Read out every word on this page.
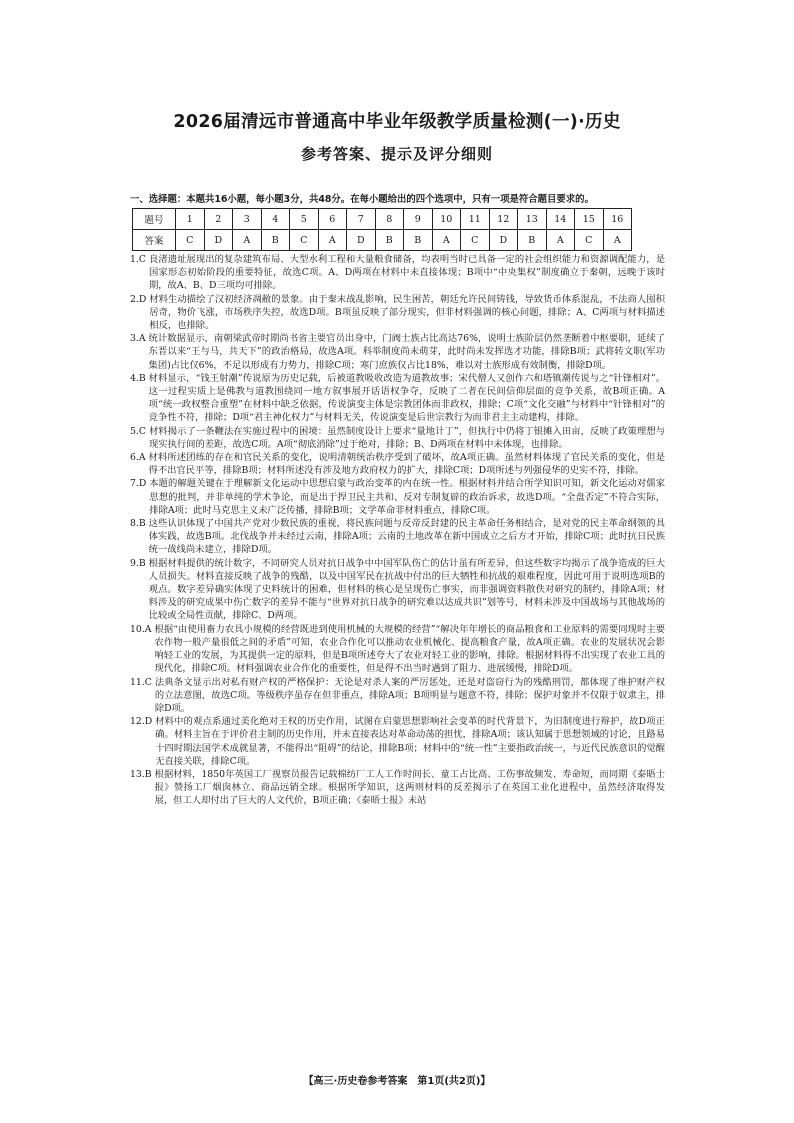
2026届清远市普通高中毕业年级教学质量检测(一)·历史
参考答案、提示及评分细则
一、选择题：本题共16小题，每小题3分，共48分。在每小题给出的四个选项中，只有一项是符合题目要求的。
题号	1	2	3	4	5	6	7	8	9	10	11	12	13	14	15	16
答案	C	D	A	B	C	A	D	B	B	A	C	D	B	A	C	A
1.C 良渚遗址展现出的复杂建筑布局、大型水利工程和大量粮食储备，均表明当时已具备一定的社会组织能力和资源调配能力，是国家形态初始阶段的重要特征，故选C项。A、D两项在材料中未直接体现；B项中“中央集权”制度确立于秦朝，远晚于该时期，故A、B、D三项均可排除。
2.D 材料生动描绘了汉初经济凋敝的景象。由于秦末战乱影响，民生困苦，朝廷允许民间铸钱，导致货币体系混乱，不法商人囤积居奇，物价飞涨，市场秩序失控，故选D项。B项虽反映了部分现实，但非材料强调的核心问题，排除；A、C两项与材料描述相反，也排除。
3.A 统计数据显示，南朝梁武帝时期尚书省主要官员出身中，门阀士族占比高达76%，说明士族阶层仍然垄断着中枢要职，延续了东晋以来“王与马，共天下”的政治格局，故选A项。科举制度尚未萌芽，此时尚未发挥选才功能，排除B项；武将转文职(军功集团)占比仅6%，不足以形成有力势力，排除C项；寒门庶族仅占比18%，难以对士族形成有效制衡，排除D项。
4.B 材料显示，“钱王射潮”传说原为历史记载，后被道教吸收改造为道教故事；宋代僧人又创作六和塔镇潮传说与之“针锋相对”。这一过程实质上是佛教与道教围绕同一地方叙事展开话语权争夺，反映了二者在民间信仰层面的竞争关系，故B项正确。A项“统一政权整合重塑”在材料中缺乏依据，传说演变主体是宗教团体而非政权，排除；C项“文化交融”与材料中“针锋相对”的竞争性不符，排除；D项“君主神化权力”与材料无关，传说演变是后世宗教行为而非君主主动建构，排除。
5.C 材料揭示了一条鞭法在实施过程中的困境：虽然制度设计上要求“量地计丁”，但执行中仍将丁银摊入田亩，反映了政策理想与现实执行间的差距，故选C项。A项“彻底消除”过于绝对，排除；B、D两项在材料中未体现，也排除。
6.A 材料所述团练的存在和官民关系的变化，说明清朝统治秩序受到了破坏，故A项正确。虽然材料体现了官民关系的变化，但是得不出官民平等，排除B项；材料所述没有涉及地方政府权力的扩大，排除C项；D项所述与列强侵华的史实不符，排除。
7.D 本题的解题关键在于理解新文化运动中思想启蒙与政治变革的内在统一性。根据材料并结合所学知识可知，新文化运动对儒家思想的批判，并非单纯的学术争论，而是出于捍卫民主共和、反对专制复辟的政治诉求，故选D项。“全盘否定”不符合实际，排除A项；此时马克思主义未广泛传播，排除B项；文学革命非材料重点，排除C项。
8.B 这些认识体现了中国共产党对少数民族的重视，将民族问题与反帝反封建的民主革命任务相结合，是对党的民主革命纲领的具体实践，故选B项。北伐战争并未经过云南，排除A项；云南的土地改革在新中国成立之后方才开始，排除C项；此时抗日民族统一战线尚未建立，排除D项。
9.B 根据材料提供的统计数字，不同研究人员对抗日战争中中国军队伤亡的估计虽有所差异，但这些数字均揭示了战争造成的巨大人员损失。材料直接反映了战争的残酷，以及中国军民在抗战中付出的巨大牺牲和抗战的艰难程度，因此可用于说明选项B的观点。数字差异确实体现了史料统计的困难，但材料的核心是呈现伤亡事实，而非强调资料散佚对研究的制约，排除A项；材料涉及的研究成果中伤亡数字的差异不能与“世界对抗日战争的研究难以达成共识”划等号，材料未涉及中国战场与其他战场的比较或全局性贡献，排除C、D两项。
10.A 根据“由使用畜力农具小规模的经营既进到使用机械的大规模的经营”“解决年年增长的商品粮食和工业原料的需要同现时主要农作物一般产量很低之间的矛盾”可知，农业合作化可以推动农业机械化、提高粮食产量，故A项正确。农业的发展状况会影响轻工业的发展，为其提供一定的原料，但是B项所述夸大了农业对轻工业的影响，排除。根据材料得不出实现了农业工具的现代化，排除C项。材料强调农业合作化的重要性，但是得不出当时遇到了阻力、进展缓慢，排除D项。
11.C 法典条文显示出对私有财产权的严格保护：无论是对杀人案的严厉惩处，还是对盗窃行为的残酷刑罚，都体现了维护财产权的立法意图，故选C项。等级秩序虽存在但非重点，排除A项；B项明显与题意不符，排除；保护对象并不仅限于奴隶主，排除D项。
12.D 材料中的观点系通过美化绝对王权的历史作用，试图在启蒙思想影响社会变革的时代背景下，为旧制度进行辩护，故D项正确。材料主旨在于评价君主制的历史作用，并未直接表达对革命动荡的担忧，排除A项；该认知属于思想领域的讨论，且路易十四时期法国学术成就显著，不能得出“阻碍”的结论，排除B项；材料中的“统一性”主要指政治统一，与近代民族意识的觉醒无直接关联，排除C项。
13.B 根据材料，1850年英国工厂视察员报告记载棉纺厂工人工作时间长、童工占比高、工伤事故频发、寿命短，而同期《泰晤士报》赞扬工厂烟囱林立、商品远销全球。根据所学知识，这两则材料的反差揭示了在英国工业化进程中，虽然经济取得发展，但工人却付出了巨大的人文代价，B项正确；《泰晤士报》未站
【高三·历史卷参考答案　第1页(共2页)】
